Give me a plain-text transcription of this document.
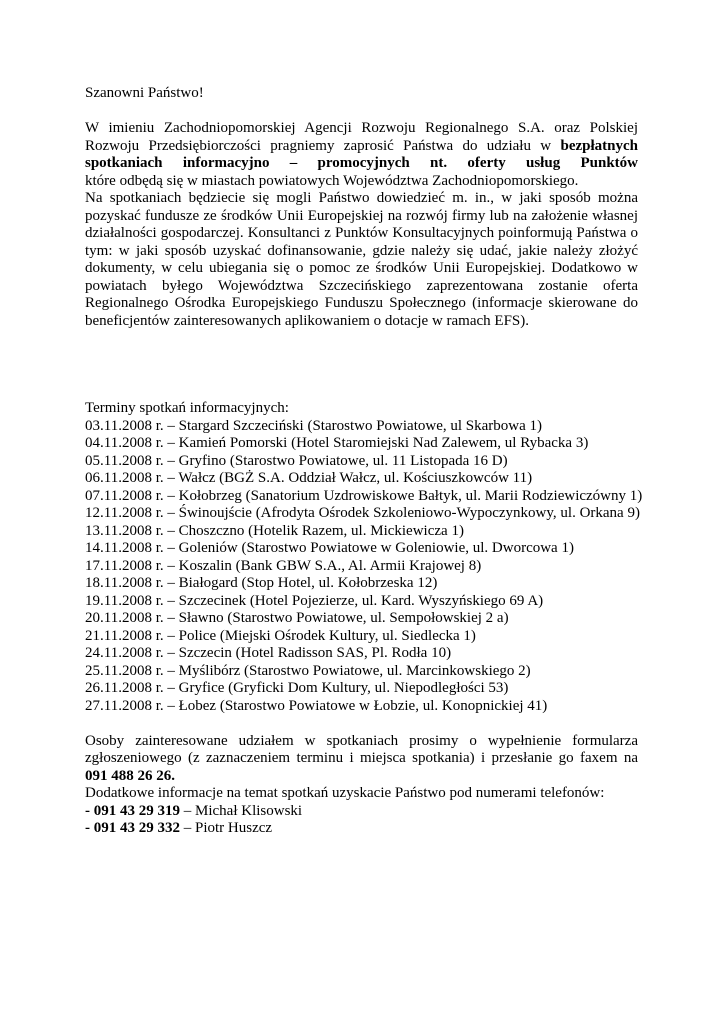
Szanowni Państwo!

W imieniu Zachodniopomorskiej Agencji Rozwoju Regionalnego S.A. oraz Polskiej

Rozwoju Przedsiębiorczości pragniemy zaprosić Państwa do udziału w bezpłatnych

spotkaniach informacyjno – promocyjnych nt. oferty usług Punktów

które odbędą się w miastach powiatowych Województwa Zachodniopomorskiego.

Na spotkaniach będziecie się mogli Państwo dowiedzieć m. in., w jaki sposób można

pozyskać fundusze ze środków Unii Europejskiej na rozwój firmy lub na założenie własnej

działalności gospodarczej. Konsultanci z Punktów Konsultacyjnych poinformują Państwa o

tym: w jaki sposób uzyskać dofinansowanie, gdzie należy się udać, jakie należy złożyć

dokumenty, w celu ubiegania się o pomoc ze środków Unii Europejskiej. Dodatkowo w

powiatach byłego Województwa Szczecińskiego zaprezentowana zostanie oferta

Regionalnego Ośrodka Europejskiego Funduszu Społecznego (informacje skierowane do

beneficjentów zainteresowanych aplikowaniem o dotacje w ramach EFS).

Terminy spotkań informacyjnych:

03.11.2008 r. – Stargard Szczeciński (Starostwo Powiatowe, ul Skarbowa 1)

04.11.2008 r. – Kamień Pomorski (Hotel Staromiejski Nad Zalewem, ul Rybacka 3)

05.11.2008 r. – Gryfino (Starostwo Powiatowe, ul. 11 Listopada 16 D)

06.11.2008 r. – Wałcz (BGŻ S.A. Oddział Wałcz, ul. Kościuszkowców 11)

07.11.2008 r. – Kołobrzeg (Sanatorium Uzdrowiskowe Bałtyk, ul. Marii Rodziewiczówny 1)

12.11.2008 r. – Świnoujście (Afrodyta Ośrodek Szkoleniowo-Wypoczynkowy, ul. Orkana 9)

13.11.2008 r. – Choszczno (Hotelik Razem, ul. Mickiewicza 1)

14.11.2008 r. – Goleniów (Starostwo Powiatowe w Goleniowie, ul. Dworcowa 1)

17.11.2008 r. – Koszalin (Bank GBW S.A., Al. Armii Krajowej 8)

18.11.2008 r. – Białogard (Stop Hotel, ul. Kołobrzeska 12)

19.11.2008 r. – Szczecinek (Hotel Pojezierze, ul. Kard. Wyszyńskiego 69 A)

20.11.2008 r. – Sławno (Starostwo Powiatowe, ul. Sempołowskiej 2 a)

21.11.2008 r. – Police (Miejski Ośrodek Kultury, ul. Siedlecka 1)

24.11.2008 r. – Szczecin (Hotel Radisson SAS, Pl. Rodła 10)

25.11.2008 r. – Myślibórz (Starostwo Powiatowe, ul. Marcinkowskiego 2)

26.11.2008 r. – Gryfice (Gryficki Dom Kultury, ul. Niepodległości 53)

27.11.2008 r. – Łobez (Starostwo Powiatowe w Łobzie, ul. Konopnickiej 41)

Osoby zainteresowane udziałem w spotkaniach prosimy o wypełnienie formularza

zgłoszeniowego (z zaznaczeniem terminu i miejsca spotkania) i przesłanie go faxem na

091 488 26 26.

Dodatkowe informacje na temat spotkań uzyskacie Państwo pod numerami telefonów:

- 091 43 29 319 – Michał Klisowski

- 091 43 29 332 – Piotr Huszcz
